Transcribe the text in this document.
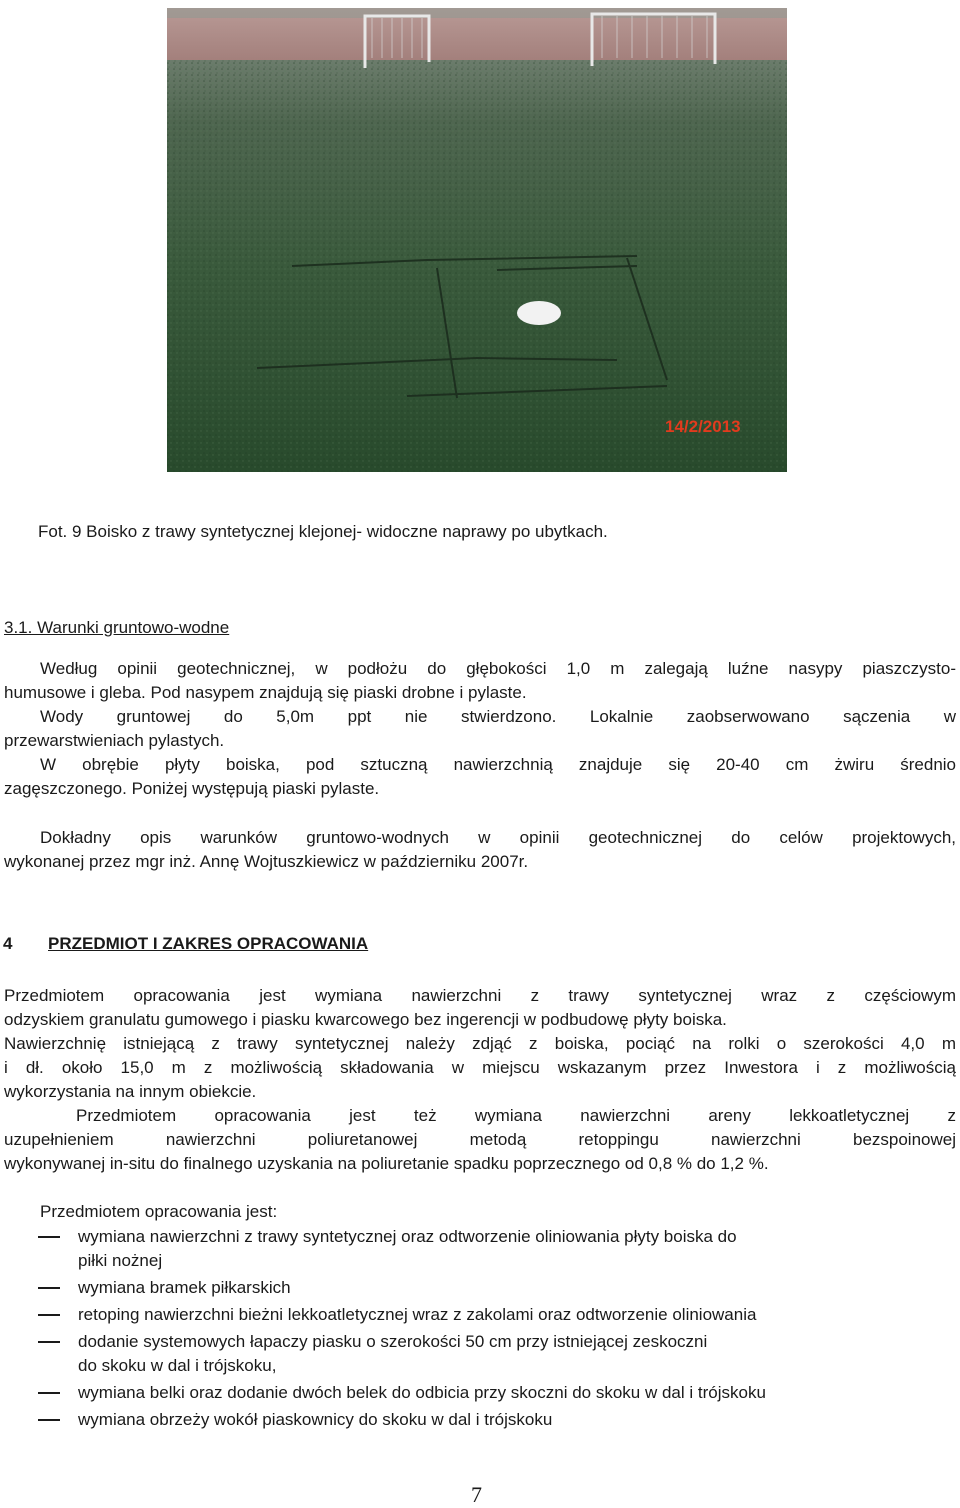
14/2/2013
Fot. 9 Boisko z trawy syntetycznej klejonej- widoczne naprawy po ubytkach.
3.1. Warunki gruntowo-wodne
Według opinii geotechnicznej, w podłożu do głębokości 1,0 m zalegają luźne nasypy piaszczysto-
humusowe i gleba. Pod nasypem znajdują się piaski drobne i pylaste.
Wody gruntowej do 5,0m ppt nie stwierdzono. Lokalnie zaobserwowano sączenia w
przewarstwieniach pylastych.
W obrębie płyty boiska, pod sztuczną nawierzchnią znajduje się 20-40 cm żwiru średnio
zagęszczonego. Poniżej występują piaski pylaste.
Dokładny opis warunków gruntowo-wodnych w opinii geotechnicznej do celów projektowych,
wykonanej przez mgr inż. Annę Wojtuszkiewicz w październiku 2007r.
4 PRZEDMIOT I ZAKRES OPRACOWANIA
Przedmiotem opracowania jest wymiana nawierzchni z trawy syntetycznej wraz z częściowym
odzyskiem granulatu gumowego i piasku kwarcowego bez ingerencji w podbudowę płyty boiska.
Nawierzchnię istniejącą z trawy syntetycznej należy zdjąć z boiska, pociąć na rolki o szerokości 4,0 m
i dł. około 15,0 m z możliwością składowania w miejscu wskazanym przez Inwestora i z możliwością
wykorzystania na innym obiekcie.
Przedmiotem opracowania jest też wymiana nawierzchni areny lekkoatletycznej z
uzupełnieniem nawierzchni poliuretanowej metodą retoppingu nawierzchni bezspoinowej
wykonywanej in-situ do finalnego uzyskania na poliuretanie spadku poprzecznego od 0,8 % do 1,2 %.
Przedmiotem opracowania jest:
wymiana nawierzchni z trawy syntetycznej oraz odtworzenie oliniowania płyty boiska do
piłki nożnej
wymiana bramek piłkarskich
retoping nawierzchni bieżni lekkoatletycznej wraz z zakolami oraz odtworzenie oliniowania
dodanie systemowych łapaczy piasku o szerokości 50 cm przy istniejącej zeskoczni
do skoku w dal i trójskoku,
wymiana belki oraz dodanie dwóch belek do odbicia przy skoczni do skoku w dal i trójskoku
wymiana obrzeży wokół piaskownicy do skoku w dal i trójskoku
7
